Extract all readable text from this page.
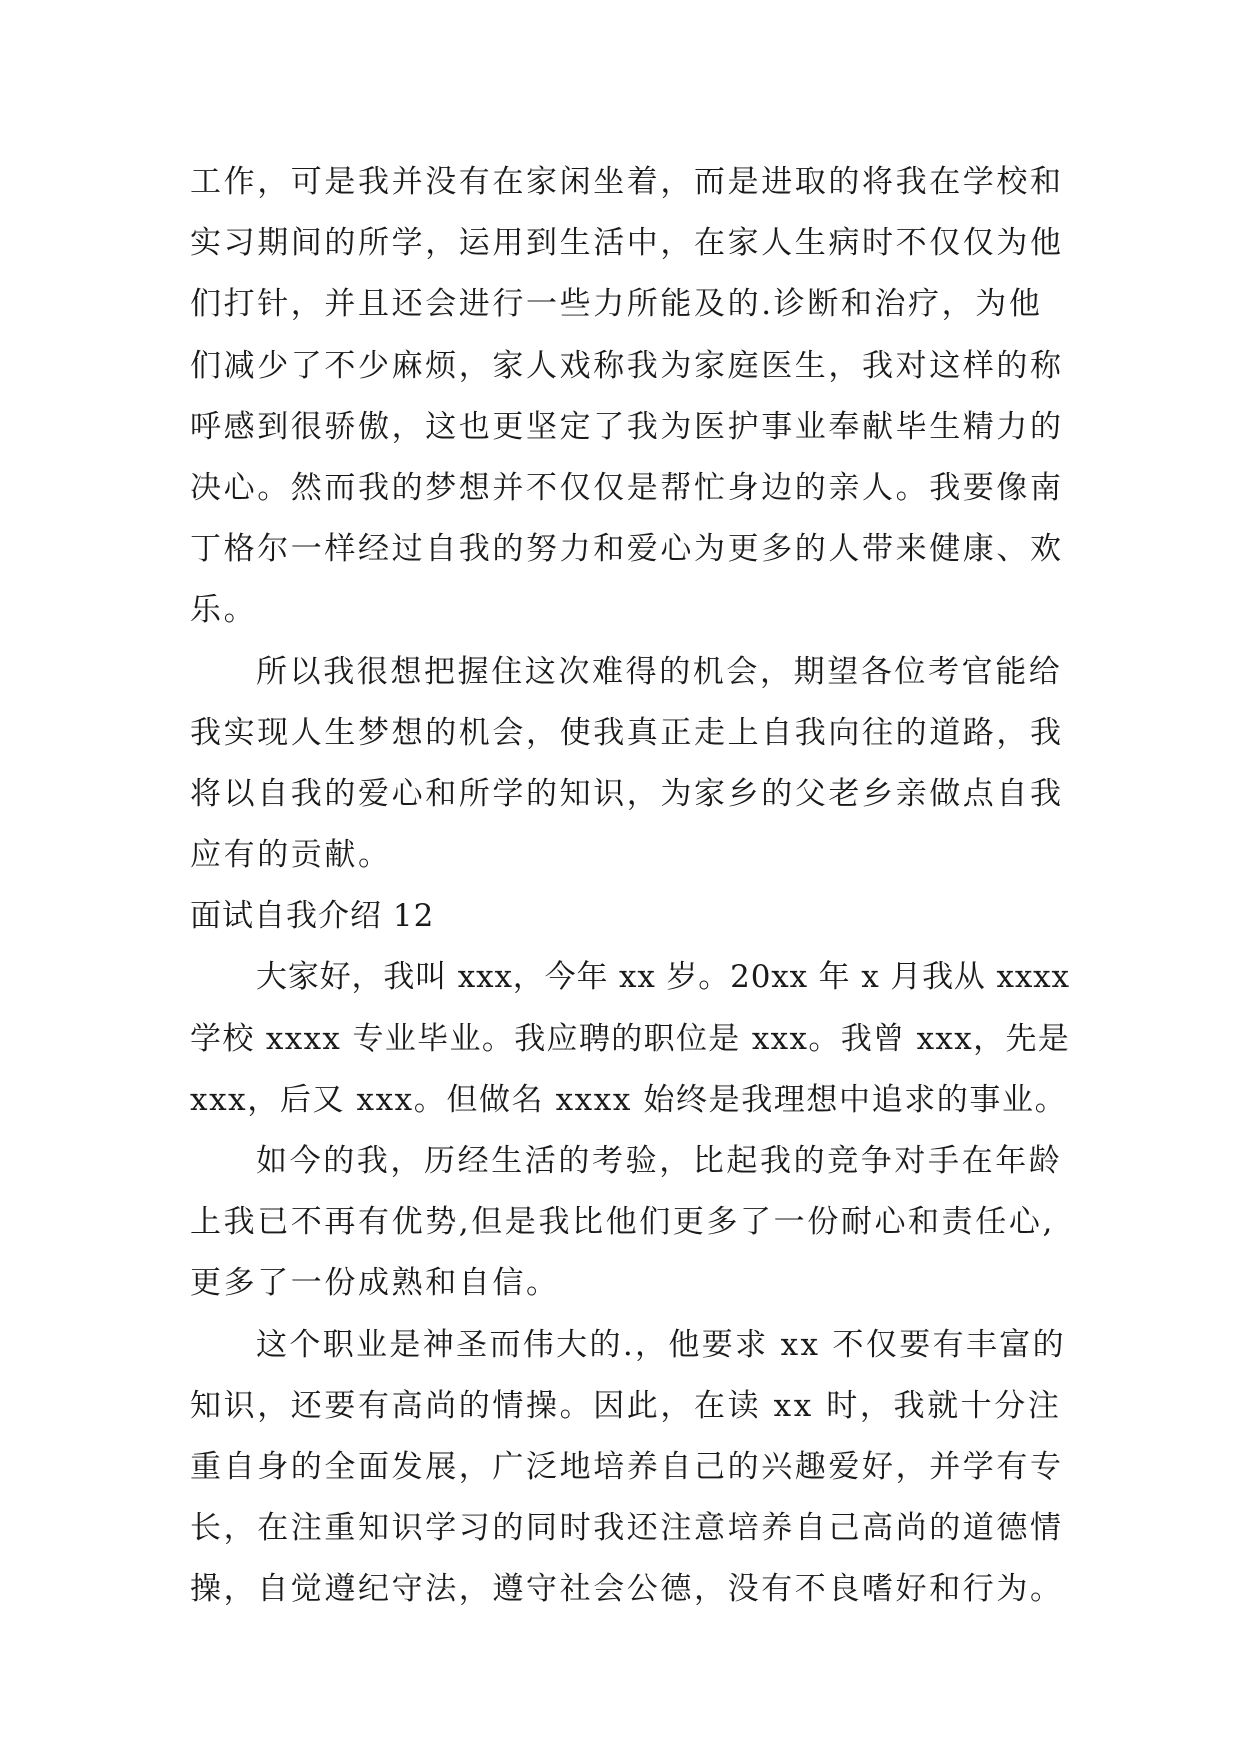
工作，可是我并没有在家闲坐着，而是进取的将我在学校和
实习期间的所学，运用到生活中，在家人生病时不仅仅为他
们打针，并且还会进行一些力所能及的.诊断和治疗，为他
们减少了不少麻烦，家人戏称我为家庭医生，我对这样的称
呼感到很骄傲，这也更坚定了我为医护事业奉献毕生精力的
决心。然而我的梦想并不仅仅是帮忙身边的亲人。我要像南
丁格尔一样经过自我的努力和爱心为更多的人带来健康、欢
乐。
所以我很想把握住这次难得的机会，期望各位考官能给
我实现人生梦想的机会，使我真正走上自我向往的道路，我
将以自我的爱心和所学的知识，为家乡的父老乡亲做点自我
应有的贡献。
面试自我介绍 12
大家好，我叫 xxx，今年 xx 岁。20xx 年 x 月我从 xxxx
学校 xxxx 专业毕业。我应聘的职位是 xxx。我曾 xxx，先是
xxx，后又 xxx。但做名 xxxx 始终是我理想中追求的事业。
如今的我，历经生活的考验，比起我的竞争对手在年龄
上我已不再有优势,但是我比他们更多了一份耐心和责任心,
更多了一份成熟和自信。
这个职业是神圣而伟大的.，他要求 xx 不仅要有丰富的
知识，还要有高尚的情操。因此，在读 xx 时，我就十分注
重自身的全面发展，广泛地培养自己的兴趣爱好，并学有专
长，在注重知识学习的同时我还注意培养自己高尚的道德情
操，自觉遵纪守法，遵守社会公德，没有不良嗜好和行为。
